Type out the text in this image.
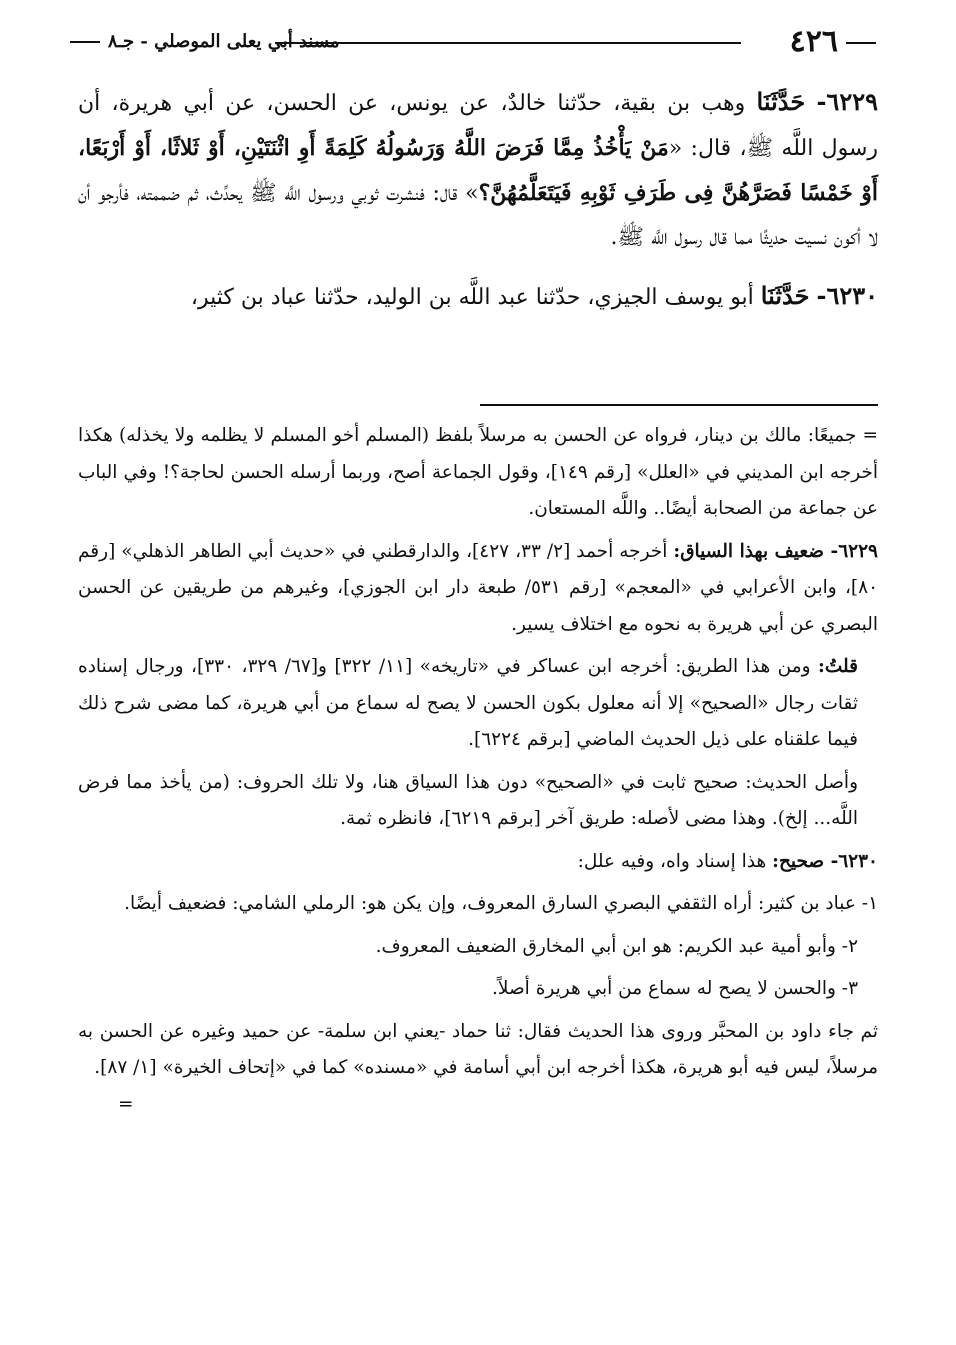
٤٢٦
مسند أبي يعلى الموصلي - جـ٨

٦٢٢٩- حَدَّثَنَا وهب بن بقية، حدّثنا خالدٌ، عن يونس، عن الحسن، عن أبي هريرة، أن رسول اللَّه ﷺ، قال: «مَنْ يَأْخُذُ مِمَّا فَرَضَ اللَّهُ وَرَسُولُهُ كَلِمَةً أَوِ اثْنَتَيْنِ، أَوْ ثَلاثًا، أَوْ أَرْبَعًا، أَوْ خَمْسًا فَصَرَّهُنَّ فِى طَرَفِ ثَوْبِهِ فَيَتَعَلَّمُهُنَّ؟» قال: فنشرت ثوبي ورسول اللَّه ﷺ يحدِّث، ثم ضممته، فأرجو أن لا أكون نسيت حديثًا مما قال رسول اللَّه ﷺ.

٦٢٣٠- حَدَّثَنَا أبو يوسف الجيزي، حدّثنا عبد اللَّه بن الوليد، حدّثنا عباد بن كثير،

= جميعًا: مالك بن دينار، فرواه عن الحسن به مرسلاً بلفظ (المسلم أخو المسلم لا يظلمه ولا يخذله) هكذا أخرجه ابن المديني في «العلل» [رقم ١٤٩]، وقول الجماعة أصح، وربما أرسله الحسن لحاجة؟! وفي الباب عن جماعة من الصحابة أيضًا.. واللَّه المستعان.

٦٢٢٩- ضعيف بهذا السياق: أخرجه أحمد [٢/ ٣٣، ٤٢٧]، والدارقطني في «حديث أبي الطاهر الذهلي» [رقم ٨٠]، وابن الأعرابي في «المعجم» [رقم ٥٣١/ طبعة دار ابن الجوزي]، وغيرهم من طريقين عن الحسن البصري عن أبي هريرة به نحوه مع اختلاف يسير.

قلتُ: ومن هذا الطريق: أخرجه ابن عساكر في «تاريخه» [١١/ ٣٢٢] و[٦٧/ ٣٢٩، ٣٣٠]، ورجال إسناده ثقات رجال «الصحيح» إلا أنه معلول بكون الحسن لا يصح له سماع من أبي هريرة، كما مضى شرح ذلك فيما علقناه على ذيل الحديث الماضي [برقم ٦٢٢٤].

وأصل الحديث: صحيح ثابت في «الصحيح» دون هذا السياق هنا، ولا تلك الحروف: (من يأخذ مما فرض اللَّه... إلخ). وهذا مضى لأصله: طريق آخر [برقم ٦٢١٩]، فانظره ثمة.

٦٢٣٠- صحيح: هذا إسناد واه، وفيه علل:

١- عباد بن كثير: أراه الثقفي البصري السارق المعروف، وإن يكن هو: الرملي الشامي: فضعيف أيضًا.

٢- وأبو أمية عبد الكريم: هو ابن أبي المخارق الضعيف المعروف.

٣- والحسن لا يصح له سماع من أبي هريرة أصلاً.

ثم جاء داود بن المحبَّر وروى هذا الحديث فقال: ثنا حماد -يعني ابن سلمة- عن حميد وغيره عن الحسن به مرسلاً، ليس فيه أبو هريرة، هكذا أخرجه ابن أبي أسامة في «مسنده» كما في «إتحاف الخيرة» [١/ ٨٧].
=
